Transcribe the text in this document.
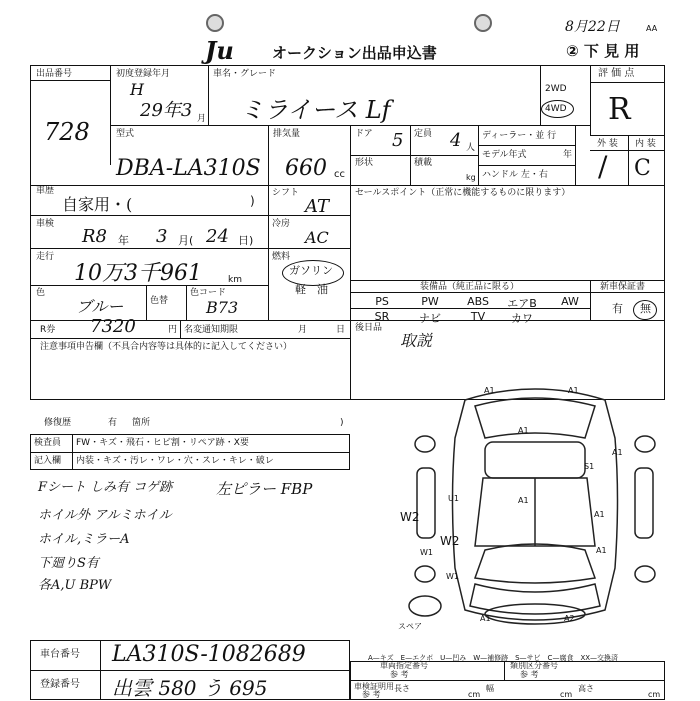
Ju	オークション出品申込書
8月22日	AA
② 下 見 用
出品番号
728
初度登録年月
H
29年3 月
車名・グレード
ミライース Lf
2WD
4WD
評 価 点
R
型式
DBA-LA310S
排気量
660 cc
ドア 5 定員 4 人
形状	積載
kg
ディーラー・並 行
モデル年式	年
ハンドル 左・右
外 装 内 装
/ C
車歴
自家用・(	)
シフト
AT
車検
R8 年 3 月( 24 日)
冷房
AC
走行
10万3千961	km
燃料
ガソリン
軽　油
色
ブルー	色替
色コード
B73
R券 7320	円 名変通知期限	月	日
セールスポイント（正常に機能するものに限ります）
装備品（純正品に限る）	新車保証書
有 無
PS	PW	ABS	エアB	AW
SR	ナビ	TV	カワ
後日品
取説
注意事項申告欄（不具合内容等は具体的に記入してください）
修復歴	有 箇所	)
検査員 FW・キズ・飛石・ヒビ割・リペア跡・X要
記入欄 内装・キズ・汚レ・ワレ・穴・スレ・キレ・破レ
Fシート しみ有 コゲ跡
ホイル外 アルミホイル
ホイル,ミラーA
下廻りS有
各A,U BPW
左ピラー FBP
A1	A1
A1
A1
U1	A1
A1
A1
W2
W2
W1
W1
A2
A1
S1
スペア
A—キズ　E—エクボ　U—凹み　W—補修跡　S—サビ　C—腐食　XX—交換済
車両指定番号
参 考
類別区分番号
参 考
車検証明用
参 考
長さ
cm
幅
cm
高さ
cm
車台番号 LA310S-1082689
登録番号 出雲 580 う 695
